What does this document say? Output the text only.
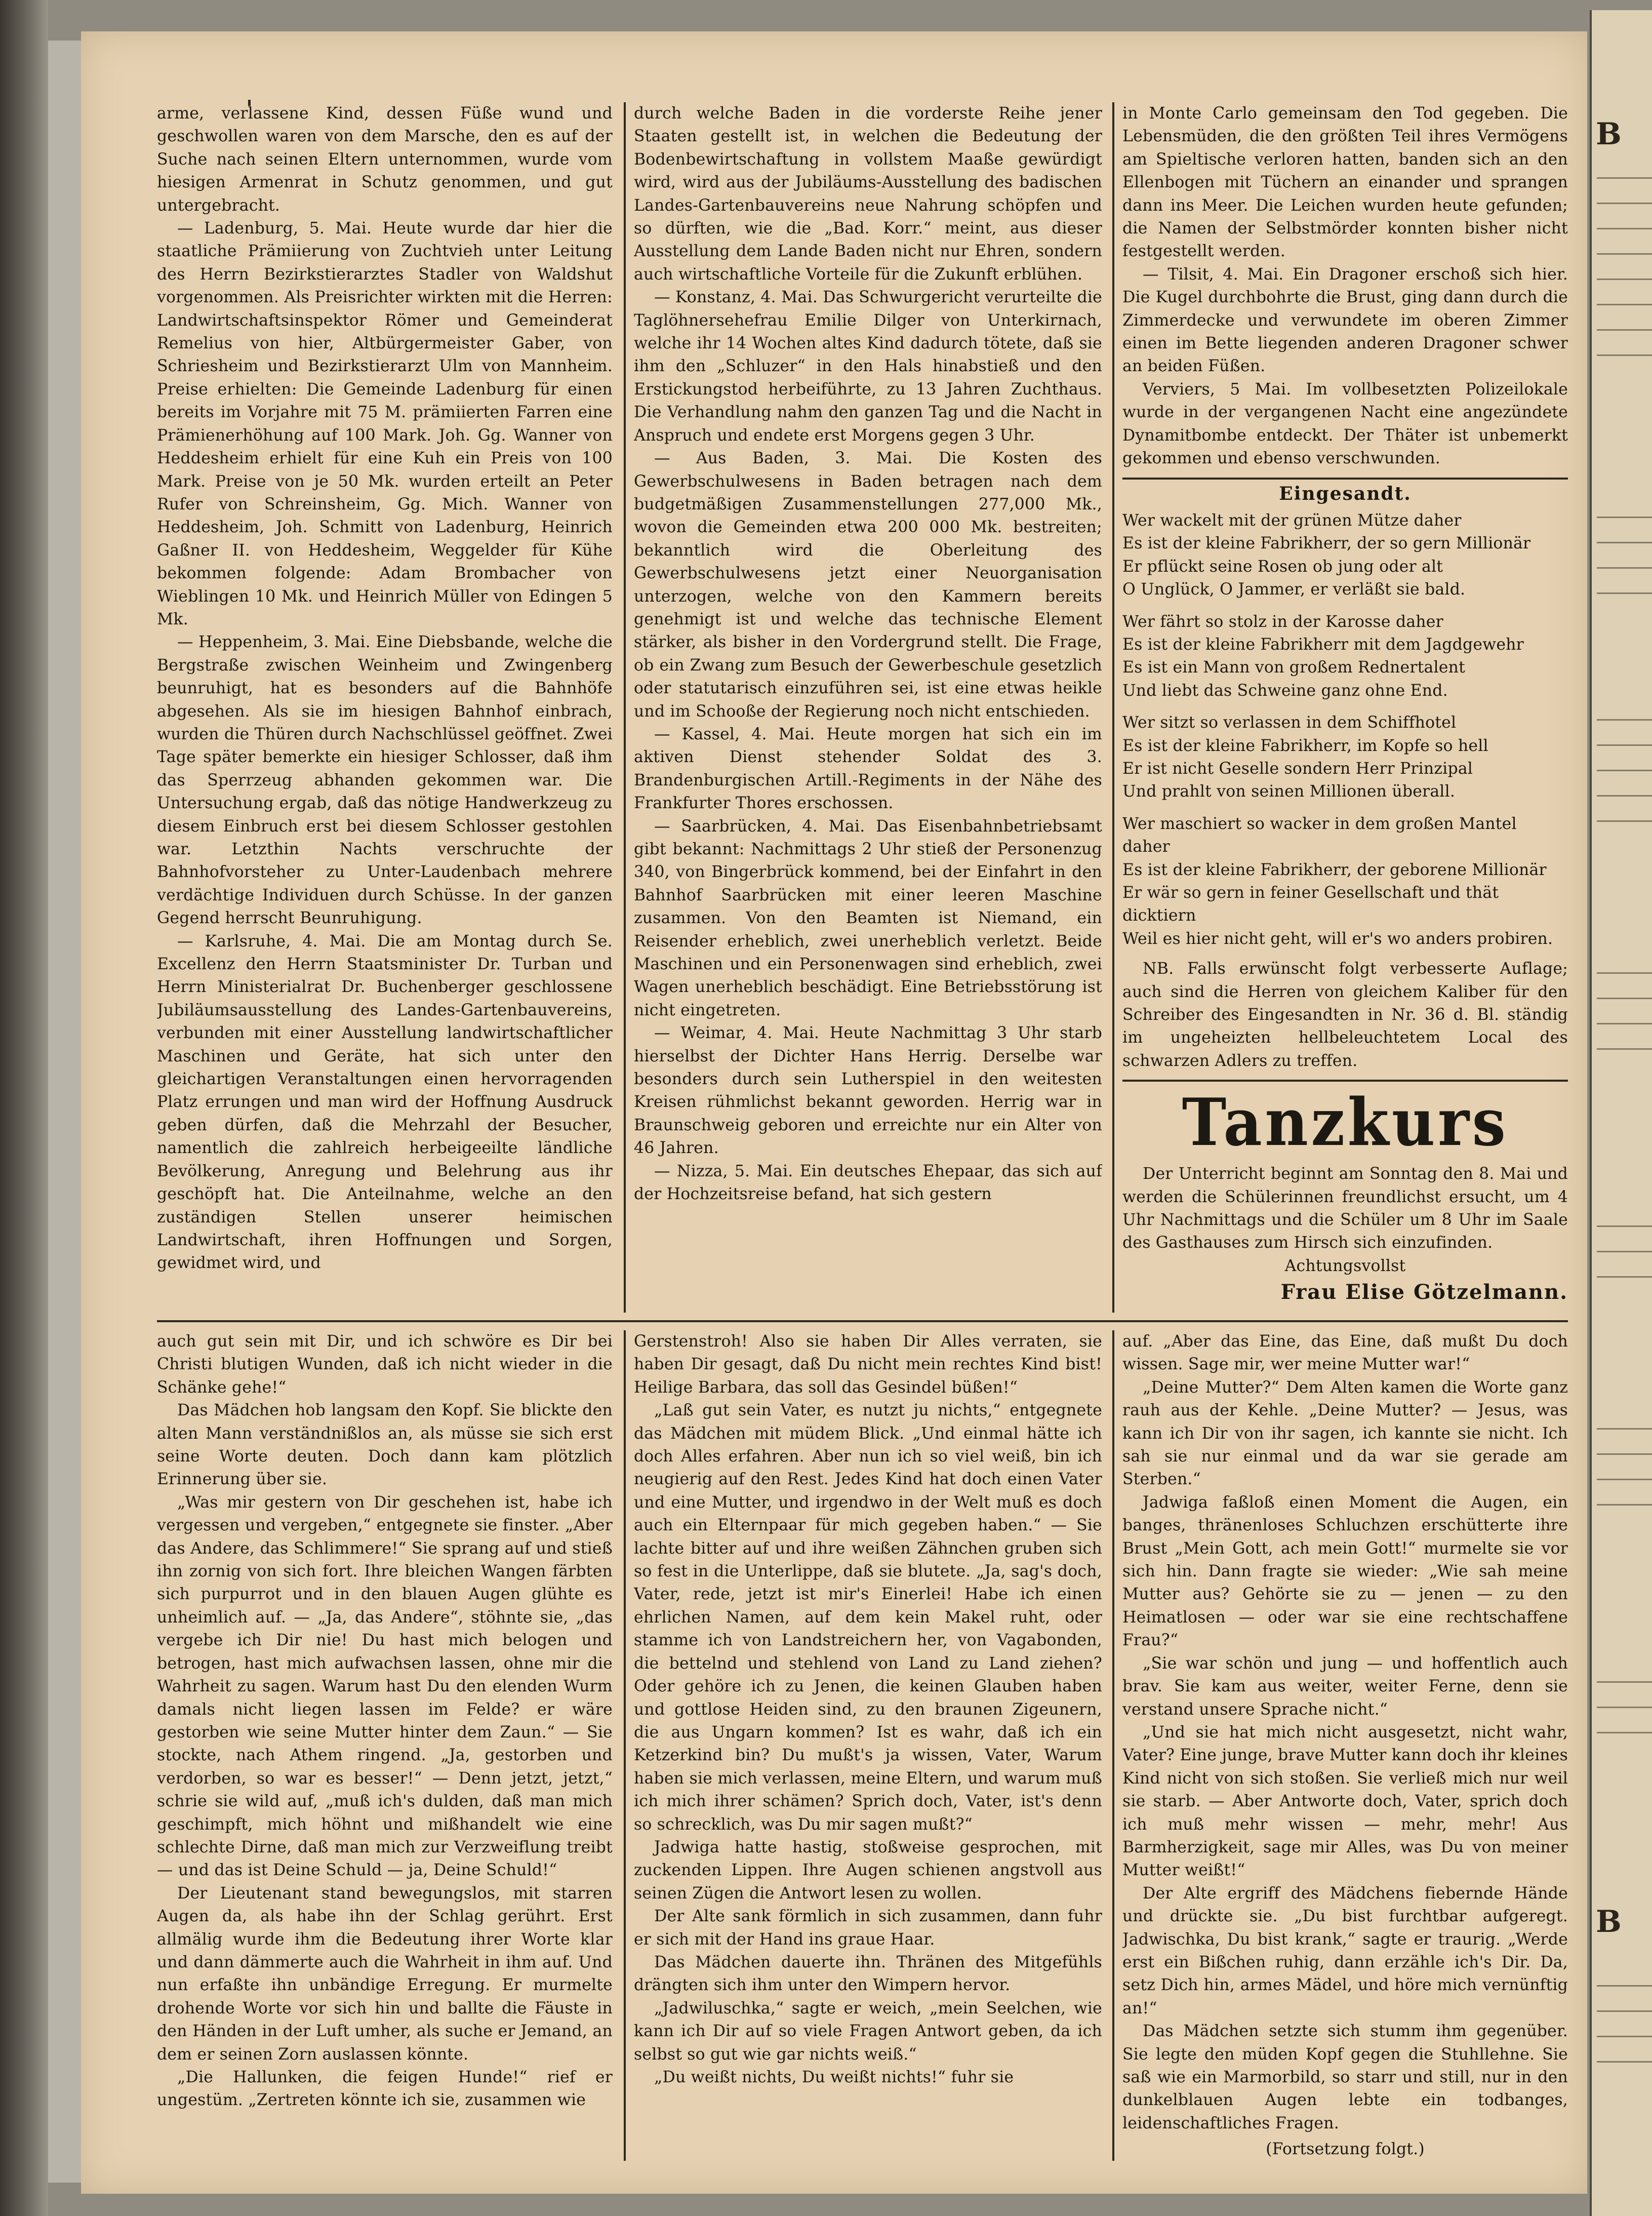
arme, verlassene Kind, dessen Füße wund und geschwollen waren von dem Marsche, den es auf der Suche nach seinen Eltern unternommen, wurde vom hiesigen Armenrat in Schutz genommen, und gut untergebracht.

— Ladenburg, 5. Mai. Heute wurde dar hier die staatliche Prämiierung von Zuchtvieh unter Leitung des Herrn Bezirkstierarztes Stadler von Waldshut vorgenommen. Als Preisrichter wirkten mit die Herren: Landwirtschaftsinspektor Römer und Gemeinderat Remelius von hier, Altbürgermeister Gaber, von Schriesheim und Bezirkstierarzt Ulm von Mannheim. Preise erhielten: Die Gemeinde Ladenburg für einen bereits im Vorjahre mit 75 M. prämiierten Farren eine Prämienerhöhung auf 100 Mark. Joh. Gg. Wanner von Heddesheim erhielt für eine Kuh ein Preis von 100 Mark. Preise von je 50 Mk. wurden erteilt an Peter Rufer von Schreinsheim, Gg. Mich. Wanner von Heddesheim, Joh. Schmitt von Ladenburg, Heinrich Gaßner II. von Heddesheim, Weggelder für Kühe bekommen folgende: Adam Brombacher von Wieblingen 10 Mk. und Heinrich Müller von Edingen 5 Mk.

— Heppenheim, 3. Mai. Eine Diebsbande, welche die Bergstraße zwischen Weinheim und Zwingenberg beunruhigt, hat es besonders auf die Bahnhöfe abgesehen. Als sie im hiesigen Bahnhof einbrach, wurden die Thüren durch Nachschlüssel geöffnet. Zwei Tage später bemerkte ein hiesiger Schlosser, daß ihm das Sperrzeug abhanden gekommen war. Die Untersuchung ergab, daß das nötige Handwerkzeug zu diesem Einbruch erst bei diesem Schlosser gestohlen war. Letzthin Nachts verschruchte der Bahnhofvorsteher zu Unter-Laudenbach mehrere verdächtige Individuen durch Schüsse. In der ganzen Gegend herrscht Beunruhigung.

— Karlsruhe, 4. Mai. Die am Montag durch Se. Excellenz den Herrn Staatsminister Dr. Turban und Herrn Ministerialrat Dr. Buchenberger geschlossene Jubiläumsausstellung des Landes-Gartenbauvereins, verbunden mit einer Ausstellung landwirtschaftlicher Maschinen und Geräte, hat sich unter den gleichartigen Veranstaltungen einen hervorragenden Platz errungen und man wird der Hoffnung Ausdruck geben dürfen, daß die Mehrzahl der Besucher, namentlich die zahlreich herbeigeeilte ländliche Bevölkerung, Anregung und Belehrung aus ihr geschöpft hat. Die Anteilnahme, welche an den zuständigen Stellen unserer heimischen Landwirtschaft, ihren Hoffnungen und Sorgen, gewidmet wird, und

durch welche Baden in die vorderste Reihe jener Staaten gestellt ist, in welchen die Bedeutung der Bodenbewirtschaftung in vollstem Maaße gewürdigt wird, wird aus der Jubiläums-Ausstellung des badischen Landes-Gartenbauvereins neue Nahrung schöpfen und so dürften, wie die „Bad. Korr.“ meint, aus dieser Ausstellung dem Lande Baden nicht nur Ehren, sondern auch wirtschaftliche Vorteile für die Zukunft erblühen.

— Konstanz, 4. Mai. Das Schwurgericht verurteilte die Taglöhnersehefrau Emilie Dilger von Unterkirnach, welche ihr 14 Wochen altes Kind dadurch tötete, daß sie ihm den „Schluzer“ in den Hals hinabstieß und den Erstickungstod herbeiführte, zu 13 Jahren Zuchthaus. Die Verhandlung nahm den ganzen Tag und die Nacht in Anspruch und endete erst Morgens gegen 3 Uhr.

— Aus Baden, 3. Mai. Die Kosten des Gewerbschulwesens in Baden betragen nach dem budgetmäßigen Zusammenstellungen 277,000 Mk., wovon die Gemeinden etwa 200 000 Mk. bestreiten; bekanntlich wird die Oberleitung des Gewerbschulwesens jetzt einer Neuorganisation unterzogen, welche von den Kammern bereits genehmigt ist und welche das technische Element stärker, als bisher in den Vordergrund stellt. Die Frage, ob ein Zwang zum Besuch der Gewerbeschule gesetzlich oder statutarisch einzuführen sei, ist eine etwas heikle und im Schooße der Regierung noch nicht entschieden.

— Kassel, 4. Mai. Heute morgen hat sich ein im aktiven Dienst stehender Soldat des 3. Brandenburgischen Artill.-Regiments in der Nähe des Frankfurter Thores erschossen.

— Saarbrücken, 4. Mai. Das Eisenbahnbetriebsamt gibt bekannt: Nachmittags 2 Uhr stieß der Personenzug 340, von Bingerbrück kommend, bei der Einfahrt in den Bahnhof Saarbrücken mit einer leeren Maschine zusammen. Von den Beamten ist Niemand, ein Reisender erheblich, zwei unerheblich verletzt. Beide Maschinen und ein Personenwagen sind erheblich, zwei Wagen unerheblich beschädigt. Eine Betriebsstörung ist nicht eingetreten.

— Weimar, 4. Mai. Heute Nachmittag 3 Uhr starb hierselbst der Dichter Hans Herrig. Derselbe war besonders durch sein Lutherspiel in den weitesten Kreisen rühmlichst bekannt geworden. Herrig war in Braunschweig geboren und erreichte nur ein Alter von 46 Jahren.

— Nizza, 5. Mai. Ein deutsches Ehepaar, das sich auf der Hochzeitsreise befand, hat sich gestern

in Monte Carlo gemeinsam den Tod gegeben. Die Lebensmüden, die den größten Teil ihres Vermögens am Spieltische verloren hatten, banden sich an den Ellenbogen mit Tüchern an einander und sprangen dann ins Meer. Die Leichen wurden heute gefunden; die Namen der Selbstmörder konnten bisher nicht festgestellt werden.

— Tilsit, 4. Mai. Ein Dragoner erschoß sich hier. Die Kugel durchbohrte die Brust, ging dann durch die Zimmerdecke und verwundete im oberen Zimmer einen im Bette liegenden anderen Dragoner schwer an beiden Füßen.

Verviers, 5 Mai. Im vollbesetzten Polizeilokale wurde in der vergangenen Nacht eine angezündete Dynamitbombe entdeckt. Der Thäter ist unbemerkt gekommen und ebenso verschwunden.

Eingesandt.

Wer wackelt mit der grünen Mütze daher

Es ist der kleine Fabrikherr, der so gern Millionär

Er pflückt seine Rosen ob jung oder alt

O Unglück, O Jammer, er verläßt sie bald.

Wer fährt so stolz in der Karosse daher

Es ist der kleine Fabrikherr mit dem Jagdgewehr

Es ist ein Mann von großem Rednertalent

Und liebt das Schweine ganz ohne End.

Wer sitzt so verlassen in dem Schiffhotel

Es ist der kleine Fabrikherr, im Kopfe so hell

Er ist nicht Geselle sondern Herr Prinzipal

Und prahlt von seinen Millionen überall.

Wer maschiert so wacker in dem großen Mantel daher

Es ist der kleine Fabrikherr, der geborene Millionär

Er wär so gern in feiner Gesellschaft und thät dicktiern

Weil es hier nicht geht, will er's wo anders probiren.

NB. Falls erwünscht folgt verbesserte Auflage; auch sind die Herren von gleichem Kaliber für den Schreiber des Eingesandten in Nr. 36 d. Bl. ständig im ungeheizten hellbeleuchtetem Local des schwarzen Adlers zu treffen.

Tanzkurs

Der Unterricht beginnt am Sonntag den 8. Mai und werden die Schülerinnen freundlichst ersucht, um 4 Uhr Nachmittags und die Schüler um 8 Uhr im Saale des Gasthauses zum Hirsch sich einzufinden.

Achtungsvollst

Frau Elise Götzelmann.

auch gut sein mit Dir, und ich schwöre es Dir bei Christi blutigen Wunden, daß ich nicht wieder in die Schänke gehe!“

Das Mädchen hob langsam den Kopf. Sie blickte den alten Mann verständnißlos an, als müsse sie sich erst seine Worte deuten. Doch dann kam plötzlich Erinnerung über sie.

„Was mir gestern von Dir geschehen ist, habe ich vergessen und vergeben,“ entgegnete sie finster. „Aber das Andere, das Schlimmere!“ Sie sprang auf und stieß ihn zornig von sich fort. Ihre bleichen Wangen färbten sich purpurrot und in den blauen Augen glühte es unheimlich auf. — „Ja, das Andere“, stöhnte sie, „das vergebe ich Dir nie! Du hast mich belogen und betrogen, hast mich aufwachsen lassen, ohne mir die Wahrheit zu sagen. Warum hast Du den elenden Wurm damals nicht liegen lassen im Felde? er wäre gestorben wie seine Mutter hinter dem Zaun.“ — Sie stockte, nach Athem ringend. „Ja, gestorben und verdorben, so war es besser!“ — Denn jetzt, jetzt,“ schrie sie wild auf, „muß ich's dulden, daß man mich geschimpft, mich höhnt und mißhandelt wie eine schlechte Dirne, daß man mich zur Verzweiflung treibt — und das ist Deine Schuld — ja, Deine Schuld!“

Der Lieutenant stand bewegungslos, mit starren Augen da, als habe ihn der Schlag gerührt. Erst allmälig wurde ihm die Bedeutung ihrer Worte klar und dann dämmerte auch die Wahrheit in ihm auf. Und nun erfaßte ihn unbändige Erregung. Er murmelte drohende Worte vor sich hin und ballte die Fäuste in den Händen in der Luft umher, als suche er Jemand, an dem er seinen Zorn auslassen könnte.

„Die Hallunken, die feigen Hunde!“ rief er ungestüm. „Zertreten könnte ich sie, zusammen wie

Gerstenstroh! Also sie haben Dir Alles verraten, sie haben Dir gesagt, daß Du nicht mein rechtes Kind bist! Heilige Barbara, das soll das Gesindel büßen!“

„Laß gut sein Vater, es nutzt ju nichts,“ entgegnete das Mädchen mit müdem Blick. „Und einmal hätte ich doch Alles erfahren. Aber nun ich so viel weiß, bin ich neugierig auf den Rest. Jedes Kind hat doch einen Vater und eine Mutter, und irgendwo in der Welt muß es doch auch ein Elternpaar für mich gegeben haben.“ — Sie lachte bitter auf und ihre weißen Zähnchen gruben sich so fest in die Unterlippe, daß sie blutete. „Ja, sag's doch, Vater, rede, jetzt ist mir's Einerlei! Habe ich einen ehrlichen Namen, auf dem kein Makel ruht, oder stamme ich von Landstreichern her, von Vagabonden, die bettelnd und stehlend von Land zu Land ziehen? Oder gehöre ich zu Jenen, die keinen Glauben haben und gottlose Heiden sind, zu den braunen Zigeunern, die aus Ungarn kommen? Ist es wahr, daß ich ein Ketzerkind bin? Du mußt's ja wissen, Vater, Warum haben sie mich verlassen, meine Eltern, und warum muß ich mich ihrer schämen? Sprich doch, Vater, ist's denn so schrecklich, was Du mir sagen mußt?“

Jadwiga hatte hastig, stoßweise gesprochen, mit zuckenden Lippen. Ihre Augen schienen angstvoll aus seinen Zügen die Antwort lesen zu wollen.

Der Alte sank förmlich in sich zusammen, dann fuhr er sich mit der Hand ins graue Haar.

Das Mädchen dauerte ihn. Thränen des Mitgefühls drängten sich ihm unter den Wimpern hervor.

„Jadwiluschka,“ sagte er weich, „mein Seelchen, wie kann ich Dir auf so viele Fragen Antwort geben, da ich selbst so gut wie gar nichts weiß.“

„Du weißt nichts, Du weißt nichts!“ fuhr sie

auf. „Aber das Eine, das Eine, daß mußt Du doch wissen. Sage mir, wer meine Mutter war!“

„Deine Mutter?“ Dem Alten kamen die Worte ganz rauh aus der Kehle. „Deine Mutter? — Jesus, was kann ich Dir von ihr sagen, ich kannte sie nicht. Ich sah sie nur einmal und da war sie gerade am Sterben.“

Jadwiga faßloß einen Moment die Augen, ein banges, thränenloses Schluchzen erschütterte ihre Brust „Mein Gott, ach mein Gott!“ murmelte sie vor sich hin. Dann fragte sie wieder: „Wie sah meine Mutter aus? Gehörte sie zu — jenen — zu den Heimatlosen — oder war sie eine rechtschaffene Frau?“

„Sie war schön und jung — und hoffentlich auch brav. Sie kam aus weiter, weiter Ferne, denn sie verstand unsere Sprache nicht.“

„Und sie hat mich nicht ausgesetzt, nicht wahr, Vater? Eine junge, brave Mutter kann doch ihr kleines Kind nicht von sich stoßen. Sie verließ mich nur weil sie starb. — Aber Antworte doch, Vater, sprich doch ich muß mehr wissen — mehr, mehr! Aus Barmherzigkeit, sage mir Alles, was Du von meiner Mutter weißt!“

Der Alte ergriff des Mädchens fiebernde Hände und drückte sie. „Du bist furchtbar aufgeregt. Jadwischka, Du bist krank,“ sagte er traurig. „Werde erst ein Bißchen ruhig, dann erzähle ich's Dir. Da, setz Dich hin, armes Mädel, und höre mich vernünftig an!“

Das Mädchen setzte sich stumm ihm gegenüber. Sie legte den müden Kopf gegen die Stuhllehne. Sie saß wie ein Marmorbild, so starr und still, nur in den dunkelblauen Augen lebte ein todbanges, leidenschaftliches Fragen.

(Fortsetzung folgt.)

B
B
